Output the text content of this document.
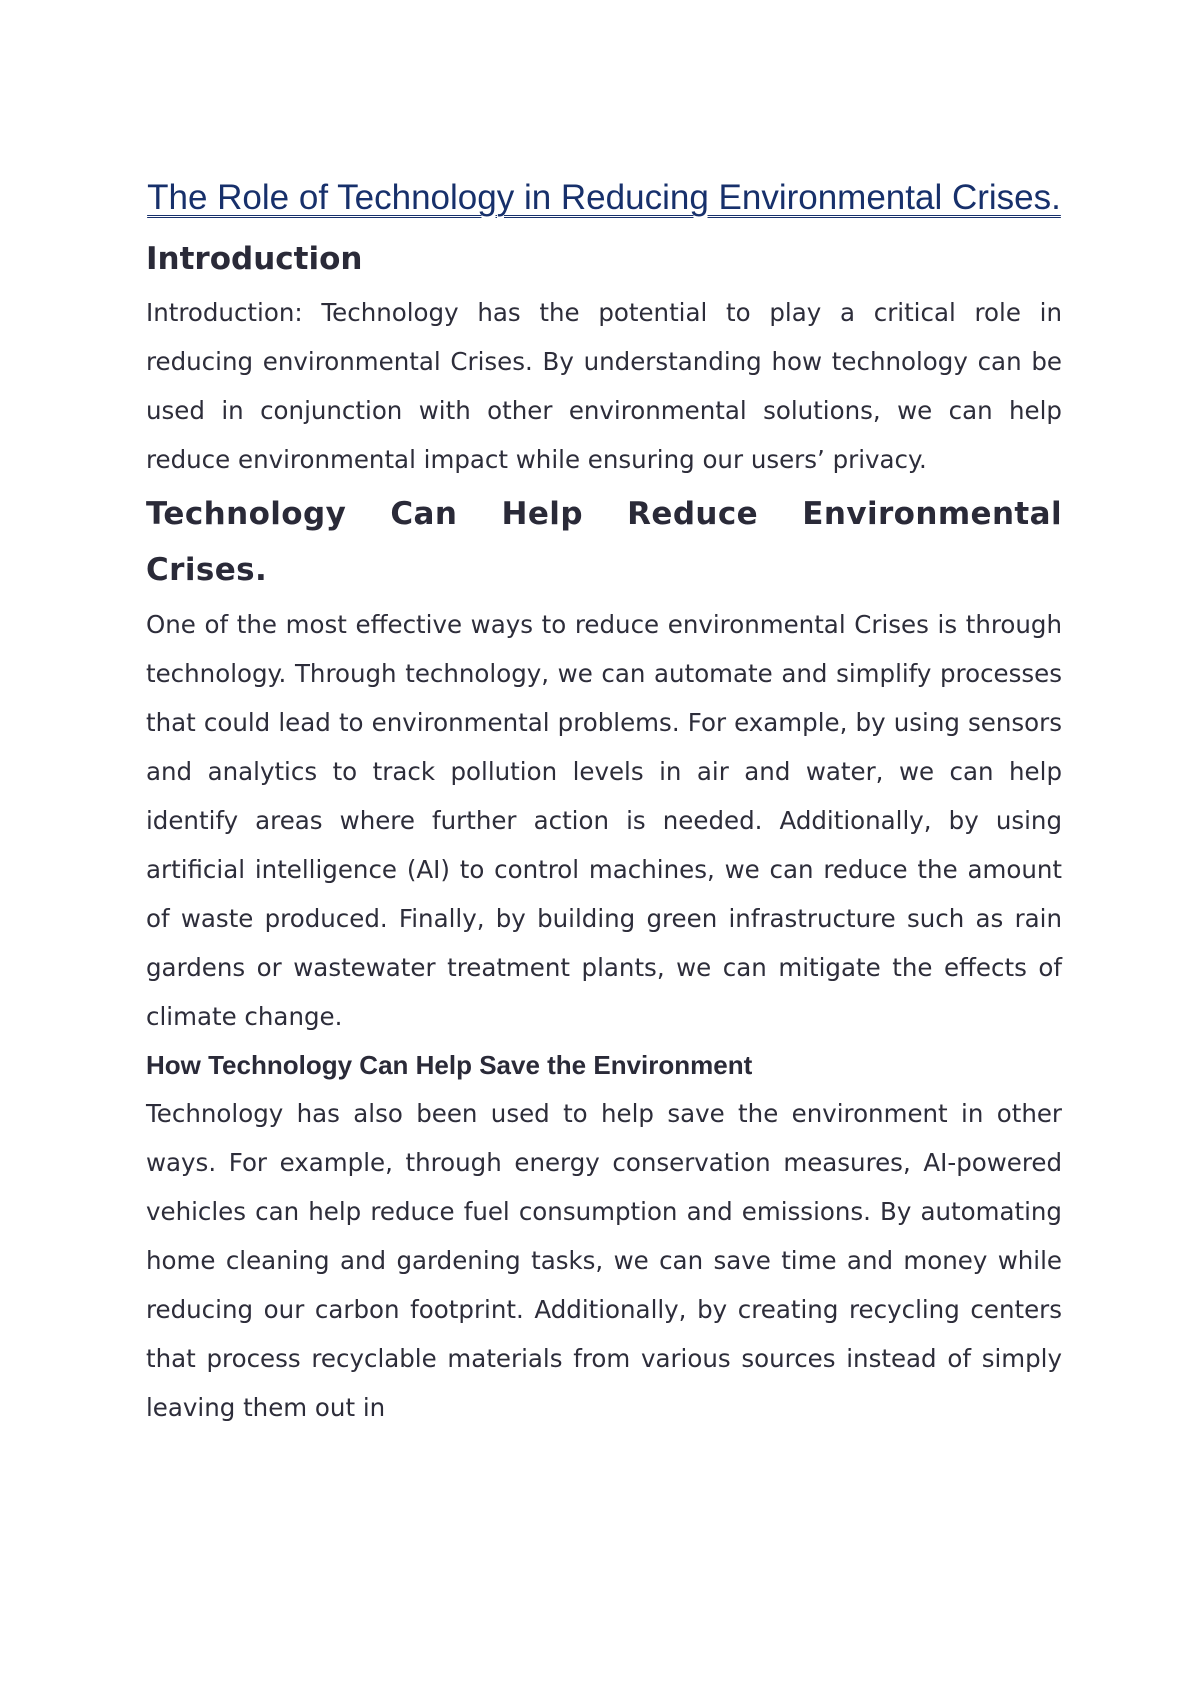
The Role of Technology in Reducing Environmental Crises.
Introduction

Introduction: Technology has the potential to play a critical role in reducing environmental Crises. By understanding how technology can be used in conjunction with other environmental solutions, we can help reduce environmental impact while ensuring our users’ privacy.

Technology Can Help Reduce Environmental Crises.

One of the most effective ways to reduce environmental Crises is through technology. Through technology, we can automate and simplify processes that could lead to environmental problems. For example, by using sensors and analytics to track pollution levels in air and water, we can help identify areas where further action is needed. Additionally, by using artificial intelligence (AI) to control machines, we can reduce the amount of waste produced. Finally, by building green infrastructure such as rain gardens or wastewater treatment plants, we can mitigate the effects of climate change.

How Technology Can Help Save the Environment

Technology has also been used to help save the environment in other ways. For example, through energy conservation measures, AI-powered vehicles can help reduce fuel consumption and emissions. By automating home cleaning and gardening tasks, we can save time and money while reducing our carbon footprint. Additionally, by creating recycling centers that process recyclable materials from various sources instead of simply leaving them out in
